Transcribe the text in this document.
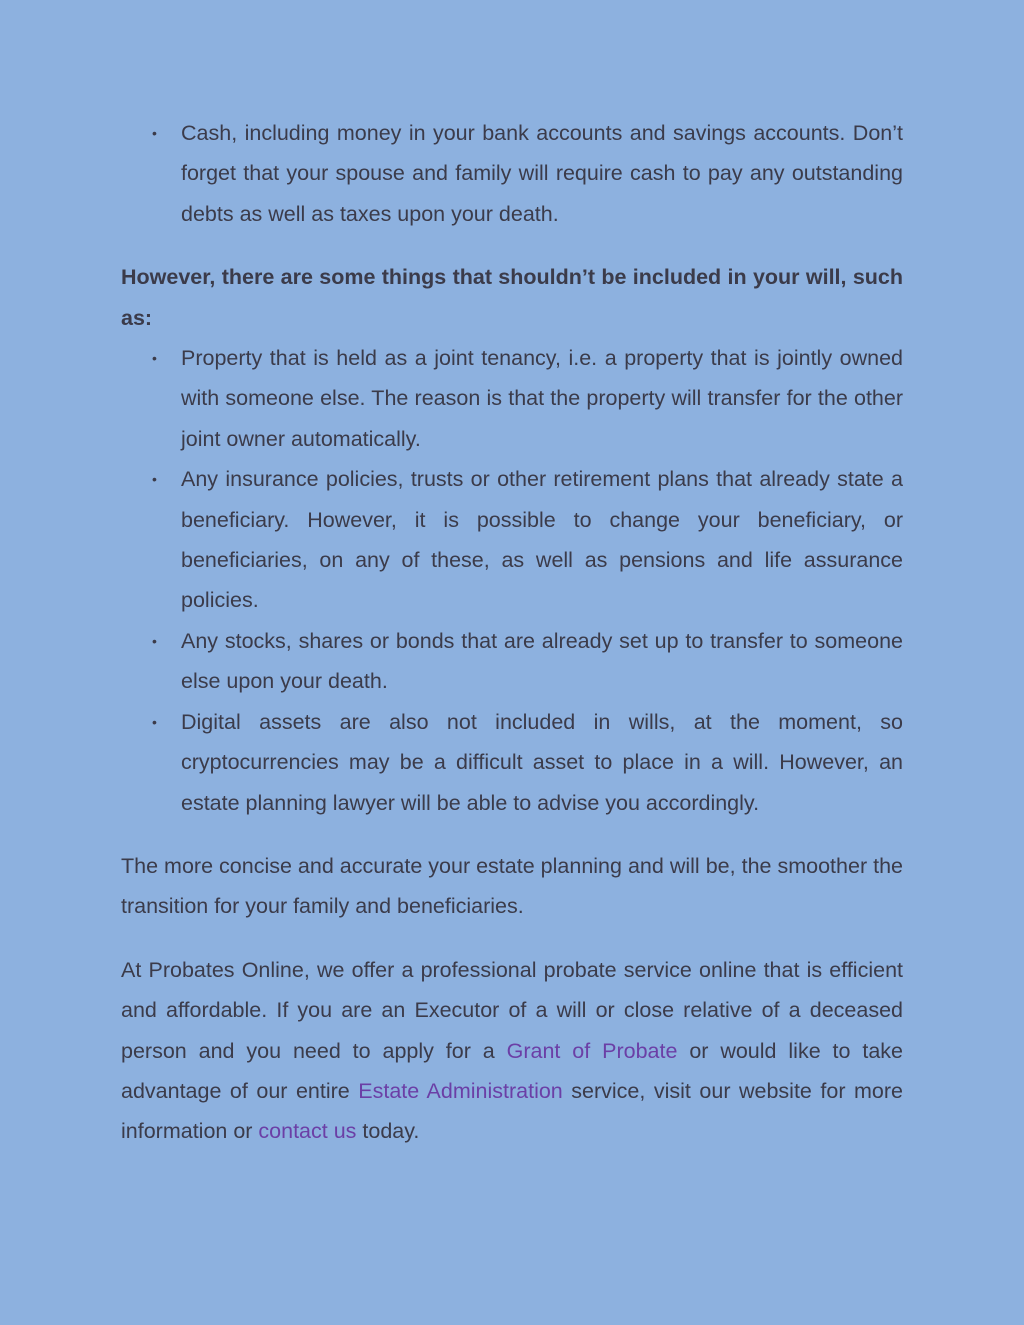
• Cash, including money in your bank accounts and savings accounts. Don’t forget that your spouse and family will require cash to pay any outstanding debts as well as taxes upon your death.

However, there are some things that shouldn’t be included in your will, such as:

• Property that is held as a joint tenancy, i.e. a property that is jointly owned with someone else. The reason is that the property will transfer for the other joint owner automatically.
• Any insurance policies, trusts or other retirement plans that already state a beneficiary. However, it is possible to change your beneficiary, or beneficiaries, on any of these, as well as pensions and life assurance policies.
• Any stocks, shares or bonds that are already set up to transfer to someone else upon your death.
• Digital assets are also not included in wills, at the moment, so cryptocurrencies may be a difficult asset to place in a will. However, an estate planning lawyer will be able to advise you accordingly.

The more concise and accurate your estate planning and will be, the smoother the transition for your family and beneficiaries.

At Probates Online, we offer a professional probate service online that is efficient and affordable. If you are an Executor of a will or close relative of a deceased person and you need to apply for a Grant of Probate or would like to take advantage of our entire Estate Administration service, visit our website for more information or contact us today.
